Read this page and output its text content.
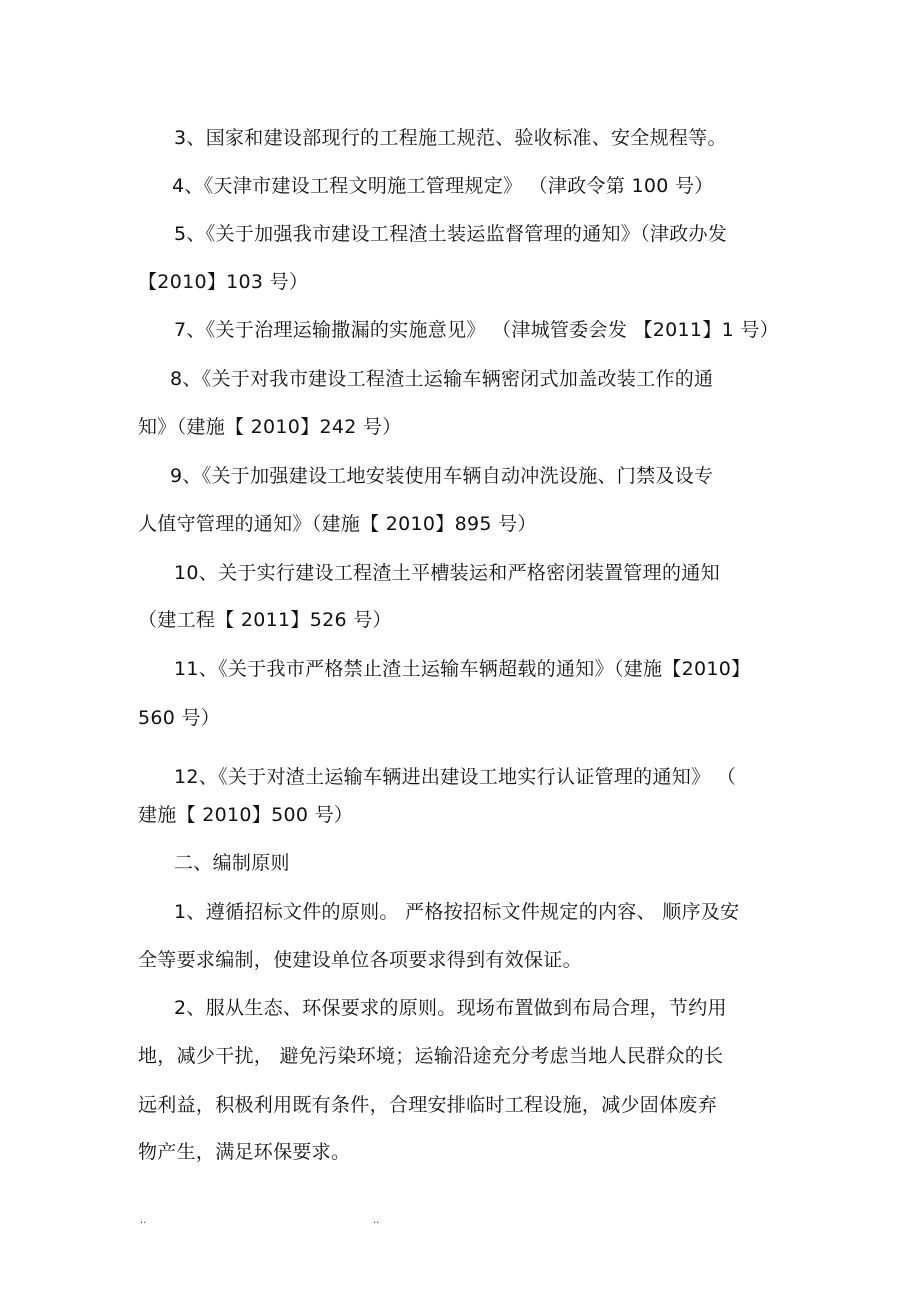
3、国家和建设部现行的工程施工规范、验收标准、安全规程等。
4、《天津市建设工程文明施工管理规定》 （津政令第 100 号）
5、《关于加强我市建设工程渣土装运监督管理的通知》（津政办发
【2010】103 号）
7、《关于治理运输撒漏的实施意见》 （津城管委会发 【2011】1 号）
8、《关于对我市建设工程渣土运输车辆密闭式加盖改装工作的通
知》（建施【 2010】242 号）
9、《关于加强建设工地安装使用车辆自动冲洗设施、门禁及设专
人值守管理的通知》（建施【 2010】895 号）
10、关于实行建设工程渣土平槽装运和严格密闭装置管理的通知
（建工程【 2011】526 号）
11、《关于我市严格禁止渣土运输车辆超载的通知》（建施【2010】
560 号）
12、《关于对渣土运输车辆进出建设工地实行认证管理的通知》 （
建施【 2010】500 号）
二、编制原则
1、遵循招标文件的原则。 严格按招标文件规定的内容、 顺序及安
全等要求编制，使建设单位各项要求得到有效保证。
2、服从生态、环保要求的原则。现场布置做到布局合理，节约用
地，减少干扰， 避免污染环境；运输沿途充分考虑当地人民群众的长
远利益，积极利用既有条件，合理安排临时工程设施，减少固体废弃
物产生，满足环保要求。
..	..
